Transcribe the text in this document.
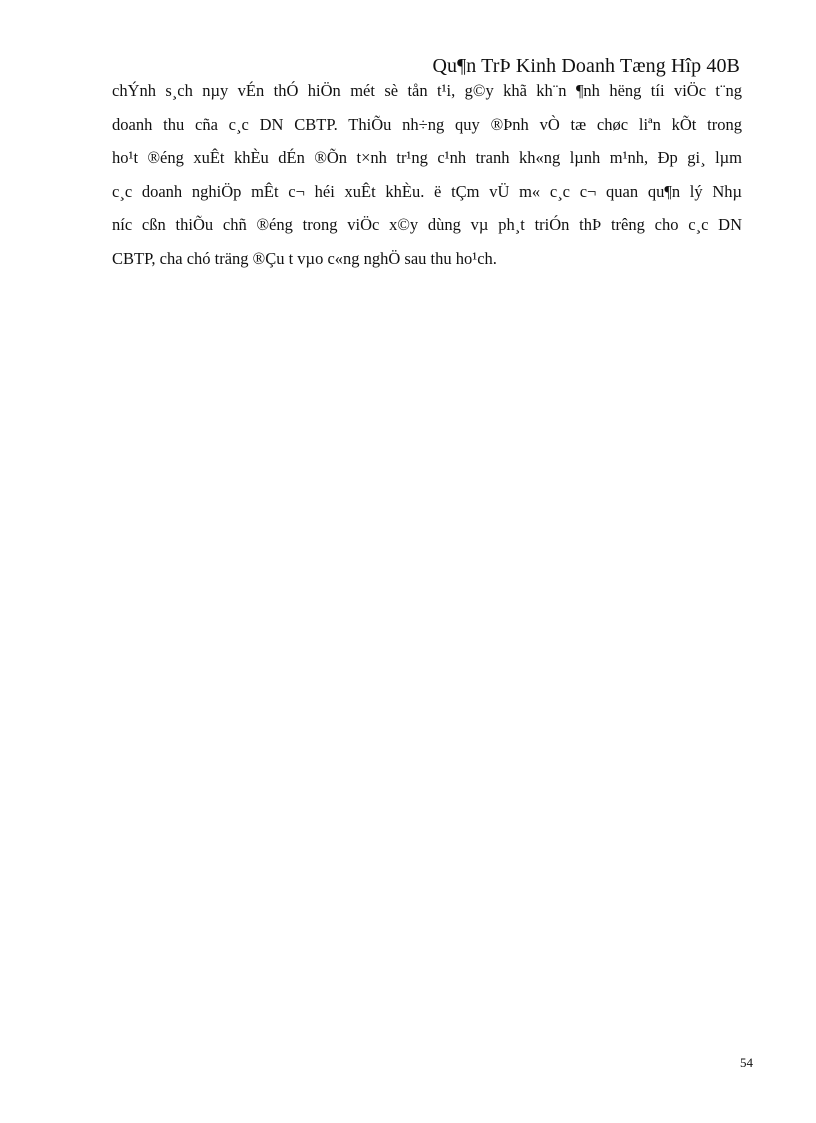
Qu¶n TrÞ Kinh Doanh Tæng Hîp 40B
chÝnh s¸ch nµy vÉn thÓ hiÖn mét sè tån t¹i, g©y khã kh¨n ¶nh hëng tíi viÖc t¨ng
doanh thu cña c¸c DN CBTP. ThiÕu nh÷ng quy ®Þnh vÒ tæ chøc liªn kÕt trong
ho¹t ®éng xuÊt khÈu dÉn ®Õn t×nh tr¹ng c¹nh tranh kh«ng lµnh m¹nh, Ðp gi¸ lµm
c¸c doanh nghiÖp mÊt c¬ héi xuÊt khÈu. ë tÇm vÜ m« c¸c c¬ quan qu¶n lý Nhµ
níc cßn thiÕu chñ ®éng trong viÖc x©y dùng vµ ph¸t triÓn thÞ trêng cho c¸c DN
CBTP, cha chó träng ®Çu t vµo c«ng nghÖ sau thu ho¹ch.
54
